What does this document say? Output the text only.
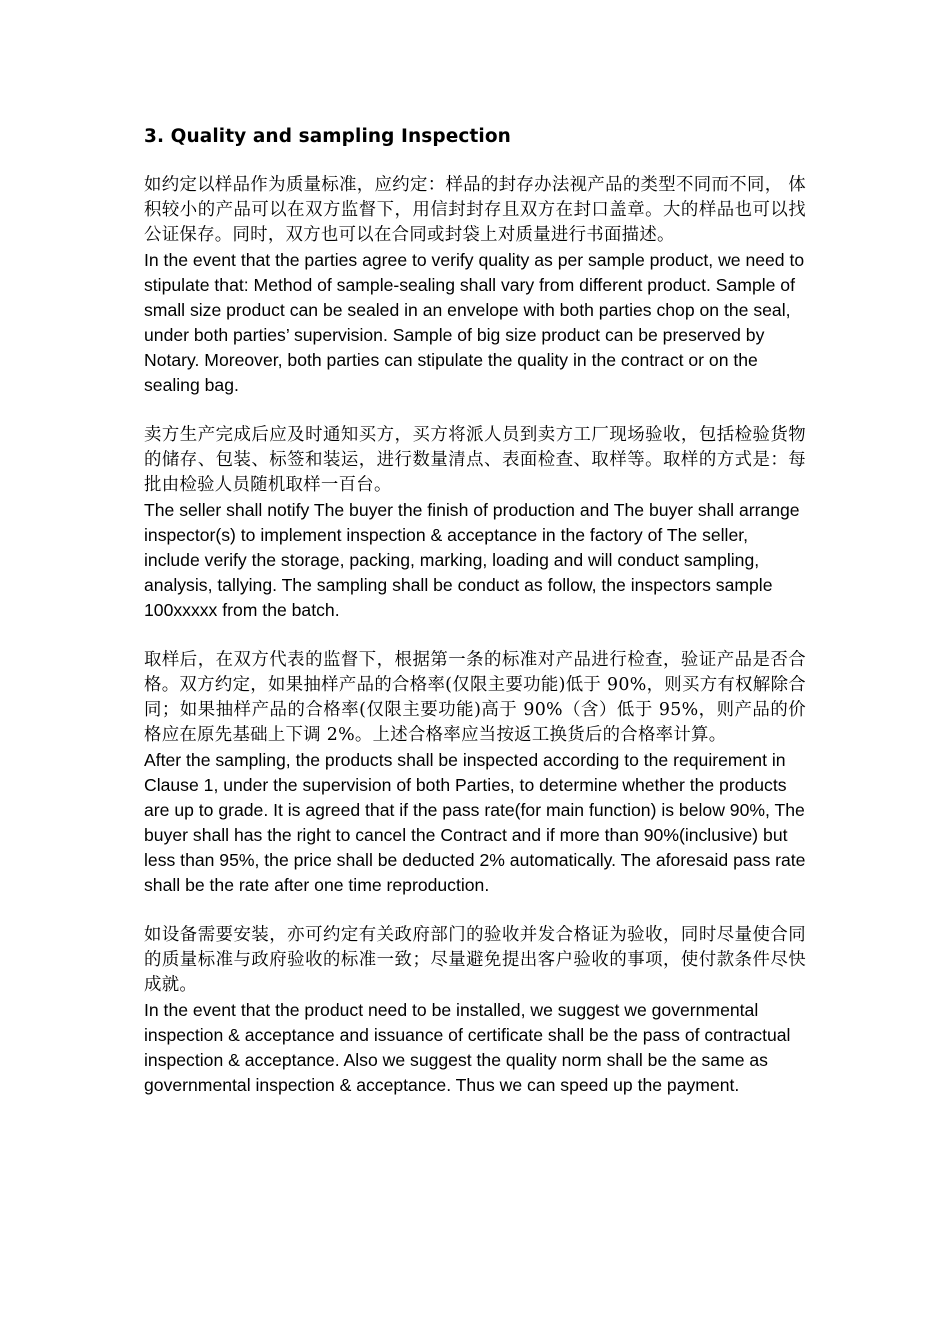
3. Quality and sampling Inspection

如约定以样品作为质量标准，应约定：样品的封存办法视产品的类型不同而不同， 体积较小的产品可以在双方监督下，用信封封存且双方在封口盖章。大的样品也可以找公证保存。同时，双方也可以在合同或封袋上对质量进行书面描述。

In the event that the parties agree to verify quality as per sample product, we need to stipulate that: Method of sample-sealing shall vary from different product. Sample of small size product can be sealed in an envelope with both parties chop on the seal, under both parties’ supervision. Sample of big size product can be preserved by Notary. Moreover, both parties can stipulate the quality in the contract or on the sealing bag.

卖方生产完成后应及时通知买方，买方将派人员到卖方工厂现场验收，包括检验货物的储存、包装、标签和装运，进行数量清点、表面检查、取样等。取样的方式是：每批由检验人员随机取样一百台。

The seller shall notify The buyer the finish of production and The buyer shall arrange inspector(s) to implement inspection & acceptance in the factory of The seller, include verify the storage, packing, marking, loading and will conduct sampling, analysis, tallying. The sampling shall be conduct as follow, the inspectors sample 100xxxxx from the batch.

取样后，在双方代表的监督下，根据第一条的标准对产品进行检查，验证产品是否合格。双方约定，如果抽样产品的合格率(仅限主要功能)低于 90%，则买方有权解除合同；如果抽样产品的合格率(仅限主要功能)高于 90%（含）低于 95%，则产品的价格应在原先基础上下调 2%。上述合格率应当按返工换货后的合格率计算。

After the sampling, the products shall be inspected according to the requirement in Clause 1, under the supervision of both Parties, to determine whether the products are up to grade. It is agreed that if the pass rate(for main function) is below 90%, The buyer shall has the right to cancel the Contract and if more than 90%(inclusive) but less than 95%, the price shall be deducted 2% automatically. The aforesaid pass rate shall be the rate after one time reproduction.

如设备需要安装，亦可约定有关政府部门的验收并发合格证为验收，同时尽量使合同的质量标准与政府验收的标准一致；尽量避免提出客户验收的事项，使付款条件尽快成就。

In the event that the product need to be installed, we suggest we governmental inspection & acceptance and issuance of certificate shall be the pass of contractual inspection & acceptance. Also we suggest the quality norm shall be the same as governmental inspection & acceptance. Thus we can speed up the payment.
